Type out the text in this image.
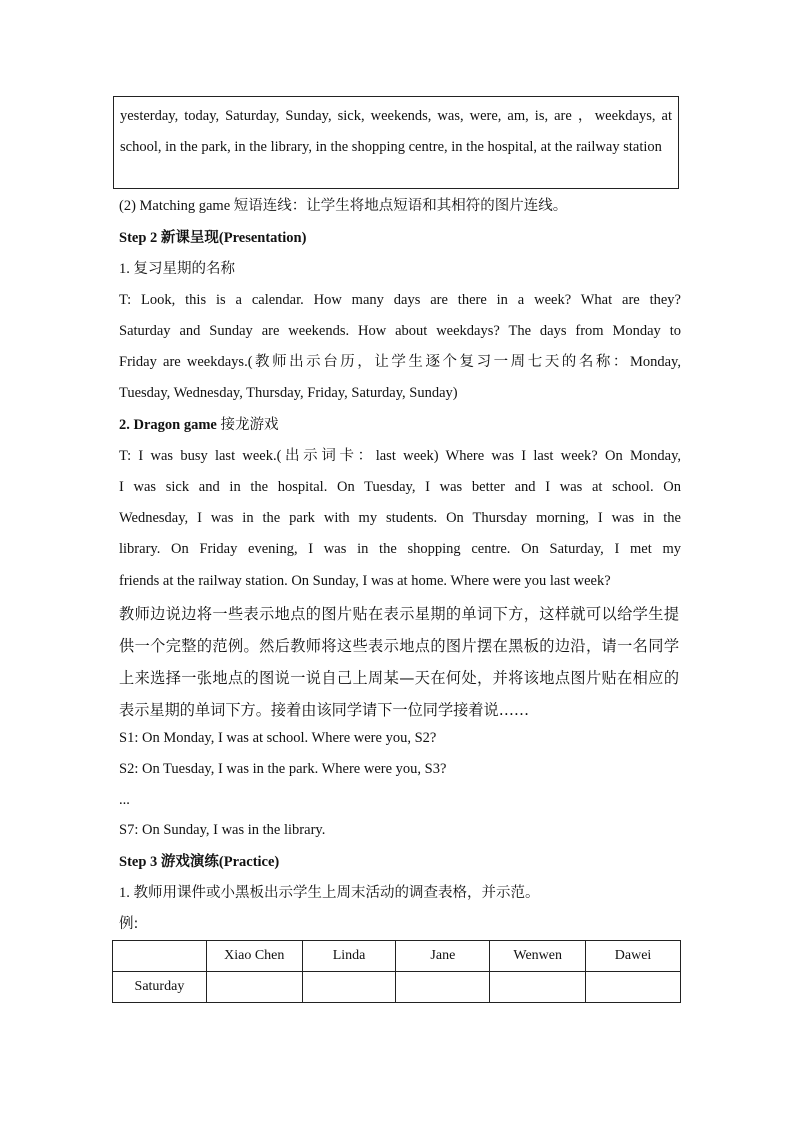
yesterday, today, Saturday, Sunday, sick, weekends, was, were, am, is, are ，weekdays, at school, in the park, in the library, in the shopping centre, in the hospital, at the railway station
(2) Matching game 短语连线：让学生将地点短语和其相符的图片连线。
Step 2 新课呈现(Presentation)
1. 复习星期的名称
T: Look, this is a calendar. How many days are there in a week? What are they?
Saturday and Sunday are weekends. How about weekdays? The days from Monday to
Friday are weekdays.(教师出示台历，让学生逐个复习一周七天的名称：Monday,
Tuesday, Wednesday, Thursday, Friday, Saturday, Sunday)
2. Dragon game 接龙游戏
T: I was busy last week.(出示词卡：last week) Where was I last week? On Monday,
I was sick and in the hospital. On Tuesday, I was better and I was at school. On
Wednesday, I was in the park with my students. On Thursday morning, I was in the
library. On Friday evening, I was in the shopping centre. On Saturday, I met my
friends at the railway station. On Sunday, I was at home. Where were you last week?
教师边说边将一些表示地点的图片贴在表示星期的单词下方，这样就可以给学生提供一个完整的范例。然后教师将这些表示地点的图片摆在黑板的边沿，请一名同学上来选择一张地点的图说一说自己上周某—天在何处，并将该地点图片贴在相应的表示星期的单词下方。接着由该同学请下一位同学接着说……
S1: On Monday, I was at school. Where were you, S2?
S2: On Tuesday, I was in the park. Where were you, S3?
...
S7: On Sunday, I was in the library.
Step 3 游戏演练(Practice)
1. 教师用课件或小黑板出示学生上周末活动的调查表格，并示范。
例:
	Xiao Chen	Linda	Jane	Wenwen	Dawei
Saturday					
